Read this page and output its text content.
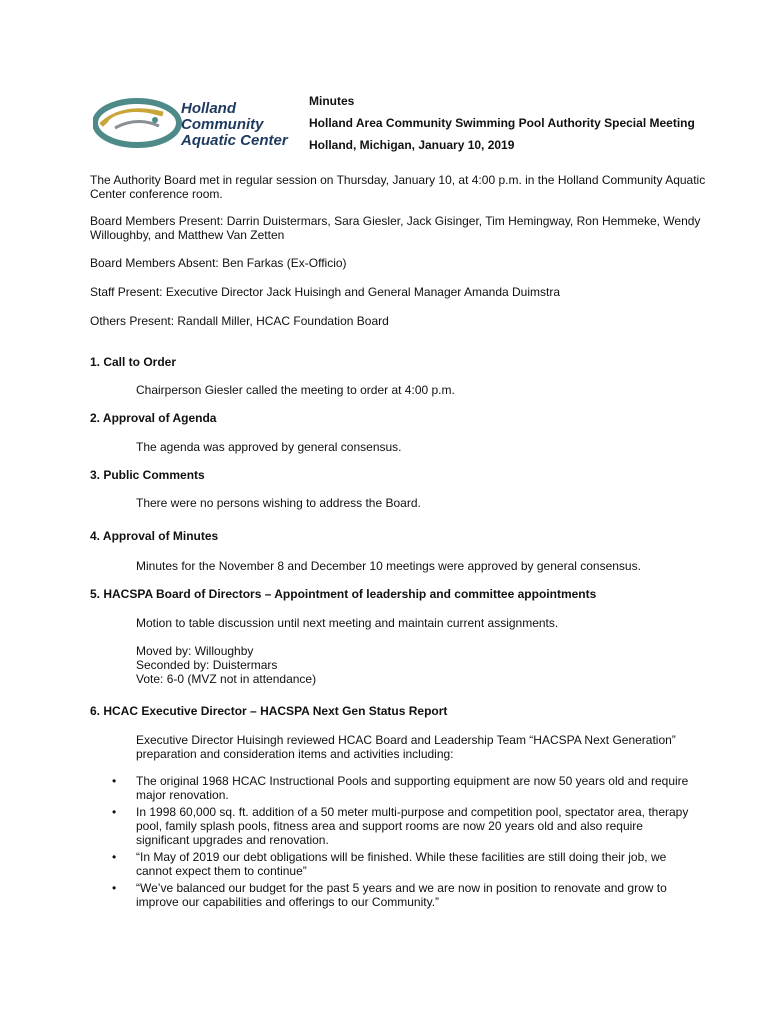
Holland
Community
Aquatic Center
Minutes
Holland Area Community Swimming Pool Authority Special Meeting
Holland, Michigan, January 10, 2019
The Authority Board met in regular session on Thursday, January 10, at 4:00 p.m. in the Holland Community Aquatic Center conference room.
Board Members Present: Darrin Duistermars, Sara Giesler, Jack Gisinger, Tim Hemingway, Ron Hemmeke, Wendy Willoughby, and Matthew Van Zetten
Board Members Absent: Ben Farkas (Ex-Officio)
Staff Present: Executive Director Jack Huisingh and General Manager Amanda Duimstra
Others Present: Randall Miller, HCAC Foundation Board
1. Call to Order
Chairperson Giesler called the meeting to order at 4:00 p.m.
2. Approval of Agenda
The agenda was approved by general consensus.
3. Public Comments
There were no persons wishing to address the Board.
4. Approval of Minutes
Minutes for the November 8 and December 10 meetings were approved by general consensus.
5. HACSPA Board of Directors – Appointment of leadership and committee appointments
Motion to table discussion until next meeting and maintain current assignments.
Moved by: Willoughby
Seconded by: Duistermars
Vote: 6-0 (MVZ not in attendance)
6. HCAC Executive Director – HACSPA Next Gen Status Report
Executive Director Huisingh reviewed HCAC Board and Leadership Team “HACSPA Next Generation” preparation and consideration items and activities including:
• The original 1968 HCAC Instructional Pools and supporting equipment are now 50 years old and require major renovation.
• In 1998 60,000 sq. ft. addition of a 50 meter multi-purpose and competition pool, spectator area, therapy pool, family splash pools, fitness area and support rooms are now 20 years old and also require significant upgrades and renovation.
• “In May of 2019 our debt obligations will be finished. While these facilities are still doing their job, we cannot expect them to continue”
• “We’ve balanced our budget for the past 5 years and we are now in position to renovate and grow to improve our capabilities and offerings to our Community.”
